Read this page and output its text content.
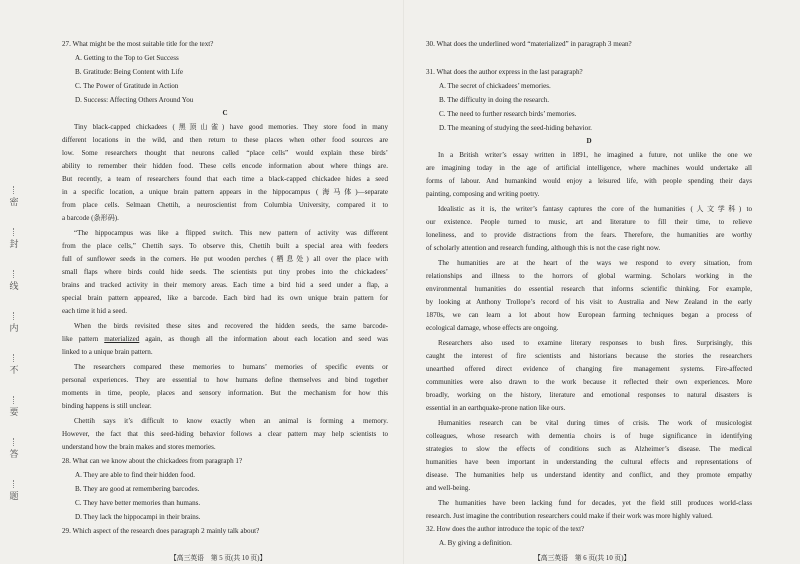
密
封
线
内
不
要
答
题
27. What might be the most suitable title for the text?
A. Getting to the Top to Get Success
B. Gratitude: Being Content with Life
C. The Power of Gratitude in Action
D. Success: Affecting Others Around You
C
Tiny black-capped chickadees (黑顶山雀) have good memories. They store food in many
different locations in the wild, and then return to these places when other food sources are
low. Some researchers thought that neurons called “place cells” would explain these birds’
ability to remember their hidden food. These cells encode information about where things are.
But recently, a team of researchers found that each time a black-capped chickadee hides a seed
in a specific location, a unique brain pattern appears in the hippocampus (海马体)—separate
from place cells. Selmaan Chettih, a neuroscientist from Columbia University, compared it to
a barcode (条形码).
“The hippocampus was like a flipped switch. This new pattern of activity was different
from the place cells,” Chettih says. To observe this, Chettih built a special area with feeders
full of sunflower seeds in the corners. He put wooden perches (栖息处) all over the place with
small flaps where birds could hide seeds. The scientists put tiny probes into the chickadees’
brains and tracked activity in their memory areas. Each time a bird hid a seed under a flap, a
special brain pattern appeared, like a barcode. Each bird had its own unique brain pattern for
each time it hid a seed.
When the birds revisited these sites and recovered the hidden seeds, the same barcode-
like pattern materialized again, as though all the information about each location and seed was
linked to a unique brain pattern.
The researchers compared these memories to humans’ memories of specific events or
personal experiences. They are essential to how humans define themselves and bind together
moments in time, people, places and sensory information. But the mechanism for how this
binding happens is still unclear.
Chettih says it’s difficult to know exactly when an animal is forming a memory.
However, the fact that this seed-hiding behavior follows a clear pattern may help scientists to
understand how the brain makes and stores memories.
28. What can we know about the chickadees from paragraph 1?
A. They are able to find their hidden food.
B. They are good at remembering barcodes.
C. They have better memories than humans.
D. They lack the hippocampi in their brains.
29. Which aspect of the research does paragraph 2 mainly talk about?
【高三英语　第 5 页(共 10 页)】
30. What does the underlined word “materialized” in paragraph 3 mean?
31. What does the author express in the last paragraph?
A. The secret of chickadees’ memories.
B. The difficulty in doing the research.
C. The need to further research birds’ memories.
D. The meaning of studying the seed-hiding behavior.
D
In a British writer’s essay written in 1891, he imagined a future, not unlike the one we
are imagining today in the age of artificial intelligence, where machines would undertake all
forms of labour. And humankind would enjoy a leisured life, with people spending their days
painting, composing and writing poetry.
Idealistic as it is, the writer’s fantasy captures the core of the humanities (人文学科) to
our existence. People turned to music, art and literature to fill their time, to relieve
loneliness, and to provide distractions from the fears. Therefore, the humanities are worthy
of scholarly attention and research funding, although this is not the case right now.
The humanities are at the heart of the ways we respond to every situation, from
relationships and illness to the horrors of global warming. Scholars working in the
environmental humanities do essential research that informs scientific thinking. For example,
by looking at Anthony Trollope’s record of his visit to Australia and New Zealand in the early
1870s, we can learn a lot about how European farming techniques began a process of
ecological damage, whose effects are ongoing.
Researchers also used to examine literary responses to bush fires. Surprisingly, this
caught the interest of fire scientists and historians because the stories the researchers
unearthed offered direct evidence of changing fire management systems. Fire-affected
communities were also drawn to the work because it reflected their own experiences. More
broadly, working on the history, literature and emotional responses to natural disasters is
essential in an earthquake-prone nation like ours.
Humanities research can be vital during times of crisis. The work of musicologist
colleagues, whose research with dementia choirs is of huge significance in identifying
strategies to slow the effects of conditions such as Alzheimer’s disease. The medical
humanities have been important in understanding the cultural effects and representations of
disease. The humanities help us understand identity and conflict, and they promote empathy
and well-being.
The humanities have been lacking fund for decades, yet the field still produces world-class
research. Just imagine the contribution researchers could make if their work was more highly valued.
32. How does the author introduce the topic of the text?
A. By giving a definition.
【高三英语　第 6 页(共 10 页)】
